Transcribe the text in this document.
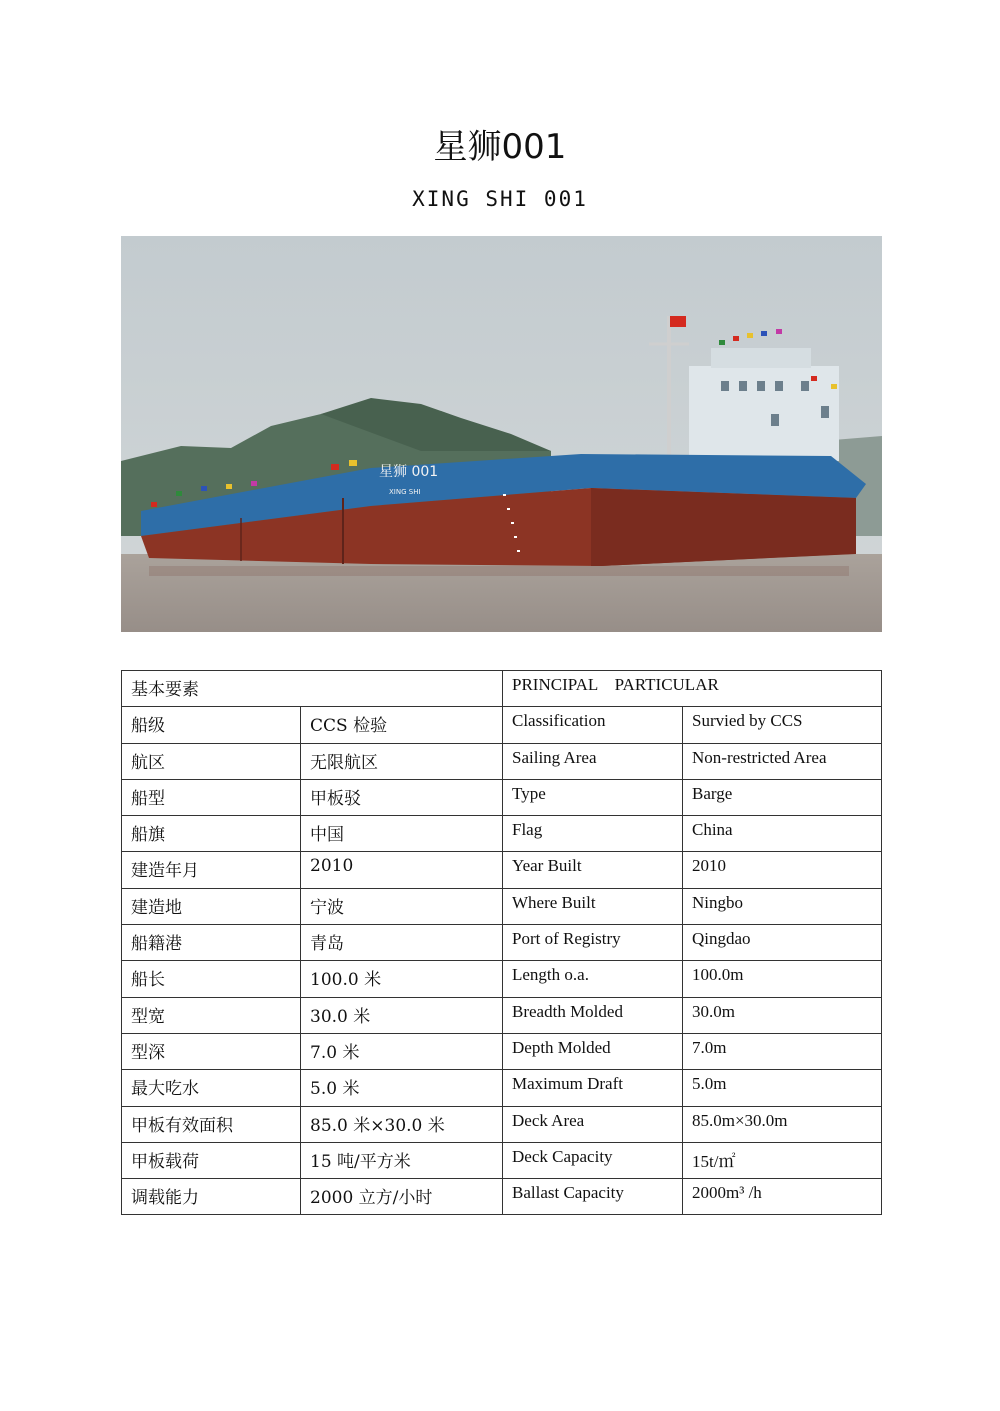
星狮001
XING SHI 001
星狮 001
XING SHI
基本要素		PRINCIPAL    PARTICULAR	
船级	CCS 检验	Classification	Survied by CCS
航区	无限航区	Sailing Area	Non-restricted Area
船型	甲板驳	Type	Barge
船旗	中国	Flag	China
建造年月	2010	Year Built	2010
建造地	宁波	Where Built	Ningbo
船籍港	青岛	Port of Registry	Qingdao
船长	100.0 米	Length o.a.	100.0m
型宽	30.0 米	Breadth Molded	30.0m
型深	7.0 米	Depth Molded	7.0m
最大吃水	5.0 米	Maximum Draft	5.0m
甲板有效面积	85.0 米×30.0 米	Deck Area	85.0m×30.0m
甲板载荷	15 吨/平方米	Deck Capacity	15t/㎡
调载能力	2000 立方/小时	Ballast Capacity	2000m³ /h
